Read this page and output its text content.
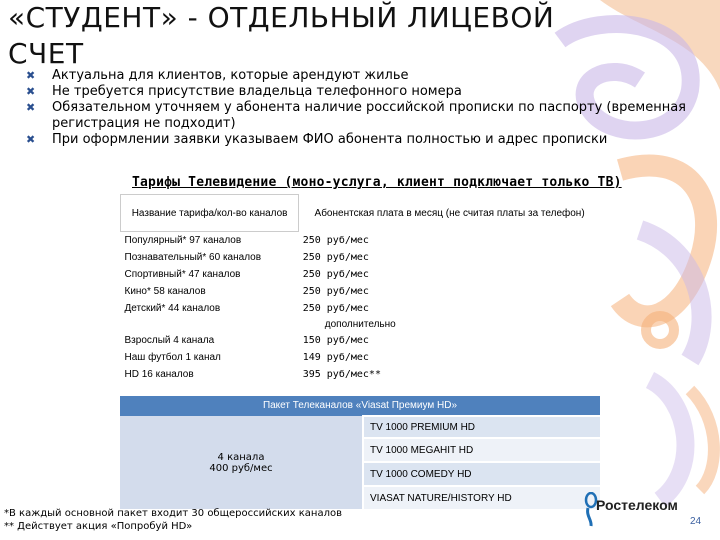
«СТУДЕНТ» - ОТДЕЛЬНЫЙ ЛИЦЕВОЙ СЧЕТ
✖ Актуальна для клиентов, которые арендуют жилье
✖ Не требуется присутствие владельца телефонного номера
✖ Обязательном уточняем у абонента наличие российской прописки по паспорту (временная регистрация не подходит)
✖ При оформлении заявки указываем ФИО абонента полностью и адрес прописки
Тарифы Телевидение (моно-услуга, клиент подключает только ТВ)
Название тарифа/кол-во каналов	Абонентская плата в месяц (не считая платы за телефон)
Популярный* 97 каналов	250 руб/мес
Познавательный* 60 каналов	250 руб/мес
Спортивный* 47 каналов	250 руб/мес
Кино* 58 каналов	250 руб/мес
Детский* 44 каналов	250 руб/мес
дополнительно	
Взрослый 4 канала	150 руб/мес
Наш футбол 1 канал	149 руб/мес
HD 16 каналов	395 руб/мес**
Пакет Телеканалов «Viasat Премиум HD»

4 канала
400 руб/мес
	TV 1000 PREMIUM HD
TV 1000 MEGAHIT HD
TV 1000 COMEDY HD
VIASAT NATURE/HISTORY HD
*В каждый основной пакет входит 30 общероссийских каналов
** Действует акция «Попробуй HD»
Ростелеком
24
